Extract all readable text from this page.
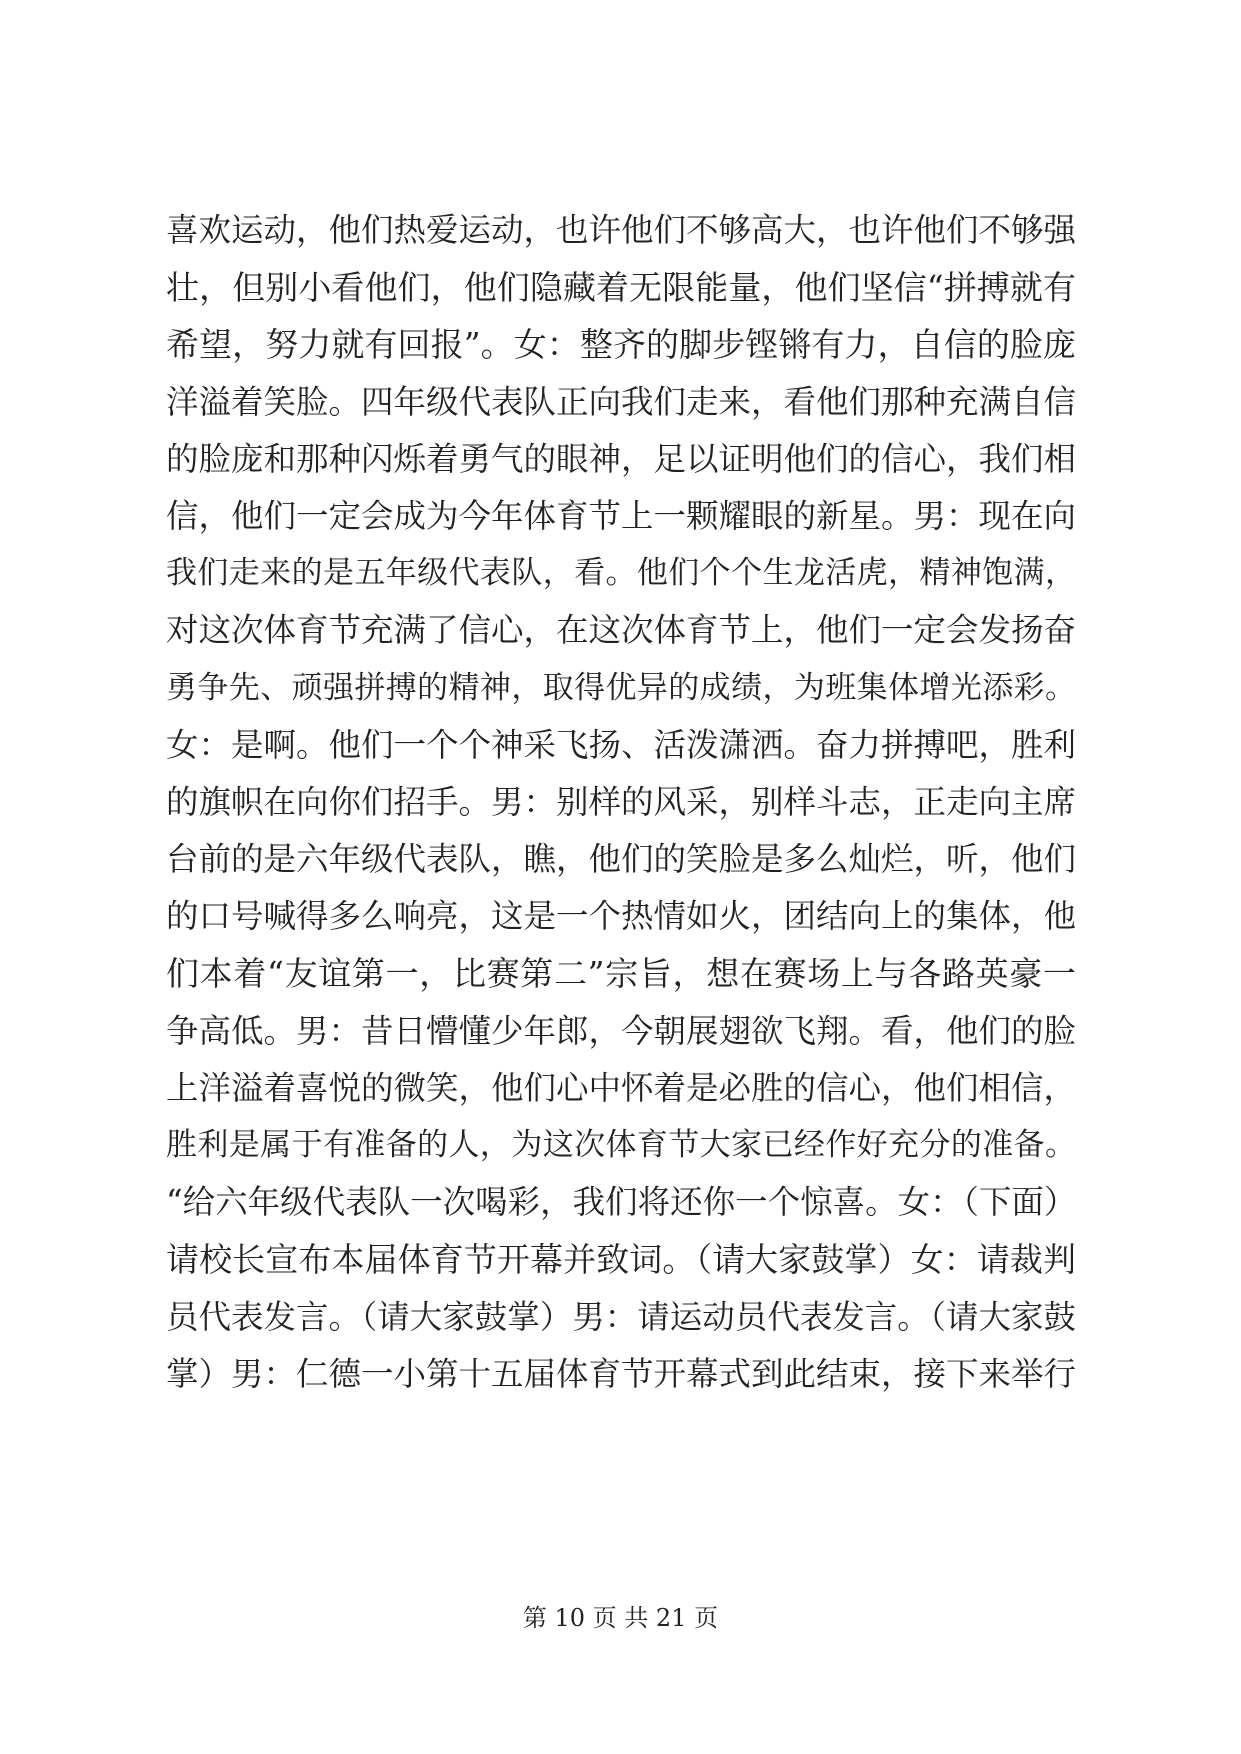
喜欢运动，他们热爱运动，也许他们不够高大，也许他们不够强
壮，但别小看他们，他们隐藏着无限能量，他们坚信“拼搏就有
希望，努力就有回报”。女：整齐的脚步铿锵有力，自信的脸庞
洋溢着笑脸。四年级代表队正向我们走来，看他们那种充满自信
的脸庞和那种闪烁着勇气的眼神，足以证明他们的信心，我们相
信，他们一定会成为今年体育节上一颗耀眼的新星。男：现在向
我们走来的是五年级代表队，看。他们个个生龙活虎，精神饱满，
对这次体育节充满了信心，在这次体育节上，他们一定会发扬奋
勇争先、顽强拼搏的精神，取得优异的成绩，为班集体增光添彩。
女：是啊。他们一个个神采飞扬、活泼潇洒。奋力拼搏吧，胜利
的旗帜在向你们招手。男：别样的风采，别样斗志，正走向主席
台前的是六年级代表队，瞧，他们的笑脸是多么灿烂，听，他们
的口号喊得多么响亮，这是一个热情如火，团结向上的集体，他
们本着“友谊第一，比赛第二”宗旨，想在赛场上与各路英豪一
争高低。男：昔日懵懂少年郎，今朝展翅欲飞翔。看，他们的脸
上洋溢着喜悦的微笑，他们心中怀着是必胜的信心，他们相信，
胜利是属于有准备的人，为这次体育节大家已经作好充分的准备。
“给六年级代表队一次喝彩，我们将还你一个惊喜。女：（下面）
请校长宣布本届体育节开幕并致词。（请大家鼓掌）女：请裁判
员代表发言。（请大家鼓掌）男：请运动员代表发言。（请大家鼓
掌）男：仁德一小第十五届体育节开幕式到此结束，接下来举行
第 10 页 共 21 页
